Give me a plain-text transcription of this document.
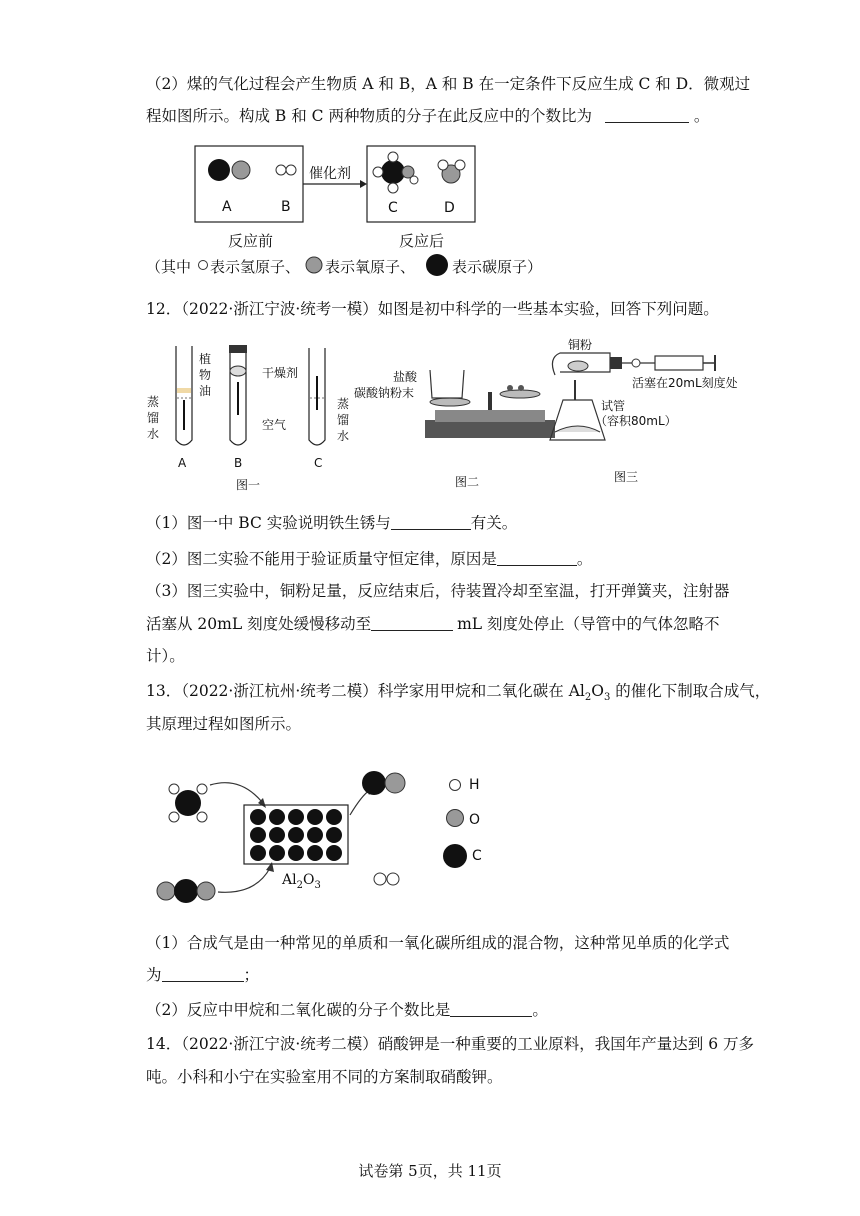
（2）煤的气化过程会产生物质 A 和 B，A 和 B 在一定条件下反应生成 C 和 D．微观过
程如图所示。构成 B 和 C 两种物质的分子在此反应中的个数比为	。
A	B
催化剂
C	D
反应前	反应后
（其中 表示氢原子、 表示氧原子、 表示碳原子）
12．（2022·浙江宁波·统考一模）如图是初中科学的一些基本实验，回答下列问题。
植
物
油
蒸
馏
水
干燥剂
空气
蒸
馏
水
A	B	C
图一
盐酸
碳酸钠粉末
图二
铜粉
活塞在20mL刻度处
试管
（容积80mL）
图三
（1）图一中 BC 实验说明铁生锈与	有关。
（2）图二实验不能用于验证质量守恒定律，原因是	。
（3）图三实验中，铜粉足量，反应结束后，待装置冷却至室温，打开弹簧夹，注射器
活塞从 20mL 刻度处缓慢移动至	mL 刻度处停止（导管中的气体忽略不
计）。
13．（2022·浙江杭州·统考二模）科学家用甲烷和二氧化碳在 $Al_2O_3$ 的催化下制取合成气，
其原理过程如图所示。
$Al_2O_3$
H
O
C
（1）合成气是由一种常见的单质和一氧化碳所组成的混合物，这种常见单质的化学式
为	；
（2）反应中甲烷和二氧化碳的分子个数比是	。
14．（2022·浙江宁波·统考二模）硝酸钾是一种重要的工业原料，我国年产量达到 6 万多
吨。小科和小宁在实验室用不同的方案制取硝酸钾。
试卷第 5页，共 11页
